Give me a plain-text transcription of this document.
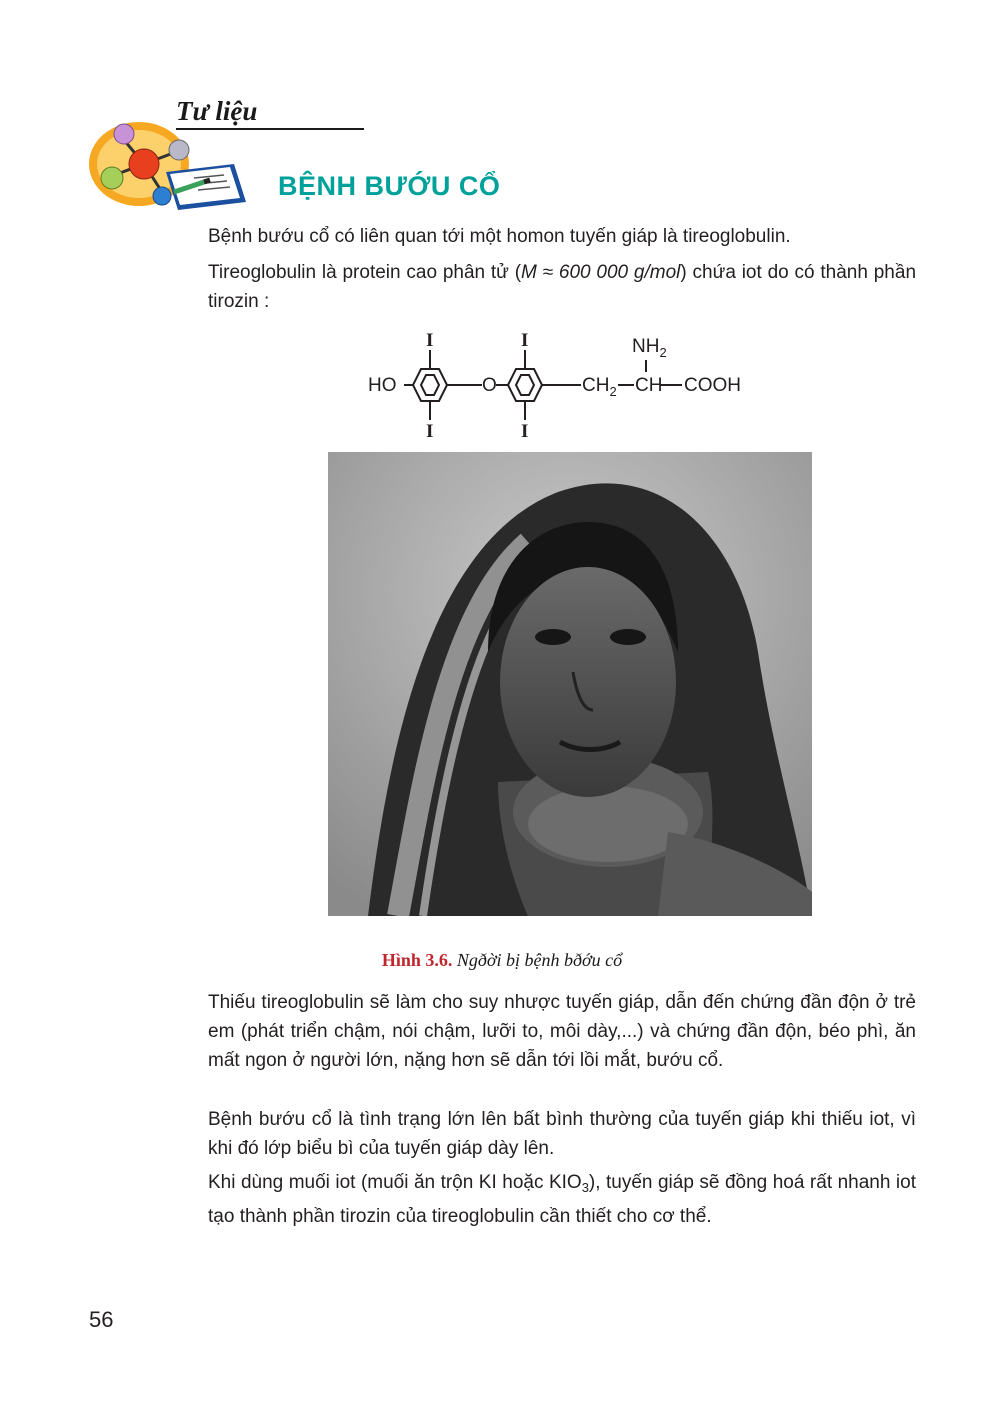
Tư liệu
BỆNH BƯỚU CỔ
Bệnh bướu cổ có liên quan tới một homon tuyến giáp là tireoglobulin.
Tireoglobulin là protein cao phân tử (M ≈ 600 000 g/mol) chứa iot do có thành phần tirozin :
HO	O	$CH_2$ CH COOH
$NH_2$
I
I
I
I
Hình 3.6. Ngðời bị bệnh bðớu cổ
Thiếu tireoglobulin sẽ làm cho suy nhược tuyến giáp, dẫn đến chứng đần độn ở trẻ em (phát triển chậm, nói chậm, lưỡi to, môi dày,...) và chứng đần độn, béo phì, ăn mất ngon ở người lớn, nặng hơn sẽ dẫn tới lồi mắt, bướu cổ.
Bệnh bướu cổ là tình trạng lớn lên bất bình thường của tuyến giáp khi thiếu iot, vì khi đó lớp biểu bì của tuyến giáp dày lên.
Khi dùng muối iot (muối ăn trộn KI hoặc $KIO_3$), tuyến giáp sẽ đồng hoá rất nhanh iot tạo thành phần tirozin của tireoglobulin cần thiết cho cơ thể.
56
